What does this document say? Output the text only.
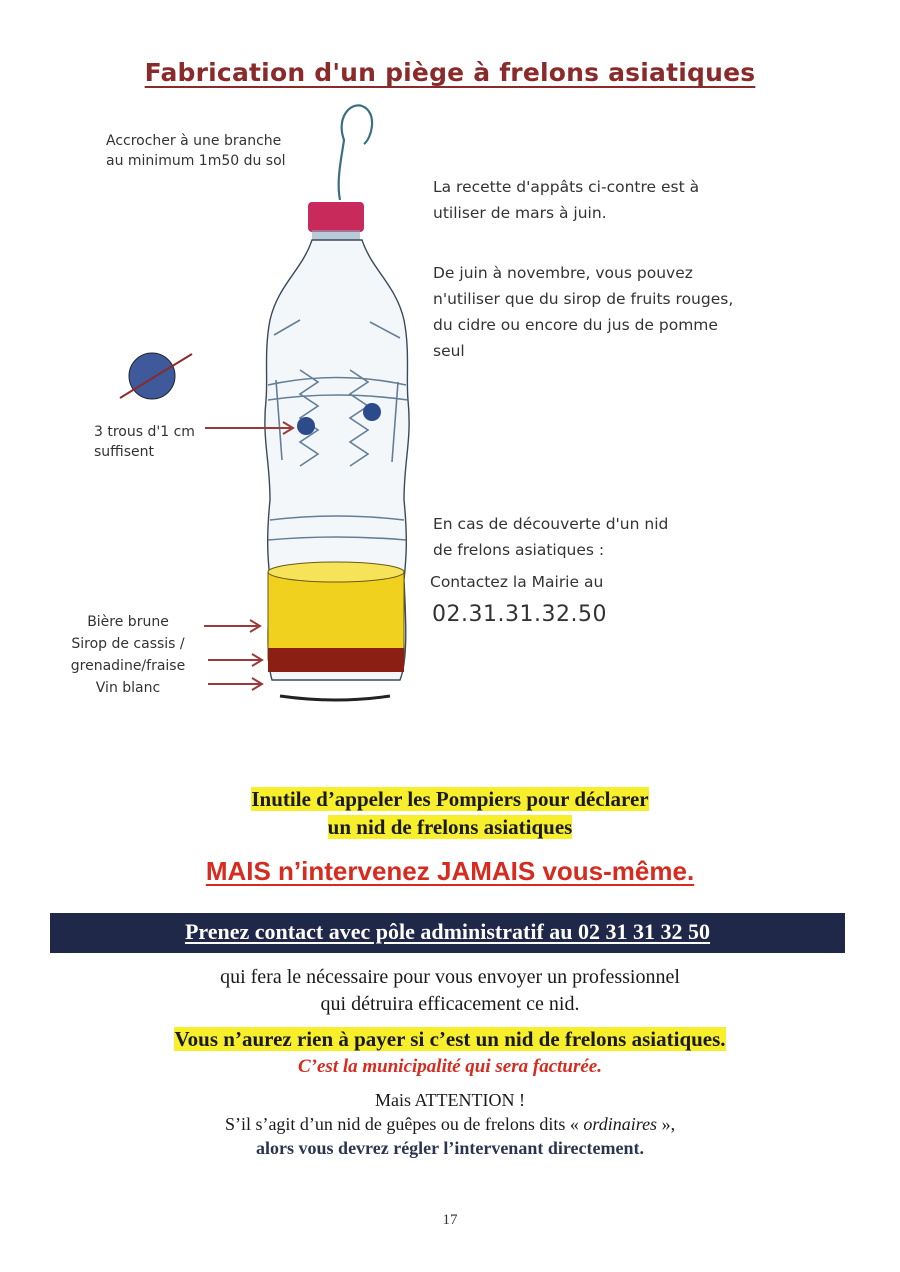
Fabrication d'un piège à frelons asiatiques
Accrocher à une branche
au minimum 1m50 du sol
3 trous d'1 cm
suffisent
Bière brune
Sirop de cassis /
grenadine/fraise
Vin blanc
La recette d'appâts ci-contre est à
utiliser de mars à juin.
De juin à novembre, vous pouvez
n'utiliser que du sirop de fruits rouges,
du cidre ou encore du jus de pomme
seul
En cas de découverte d'un nid
de frelons asiatiques :
Contactez la Mairie au
02.31.31.32.50
Inutile d’appeler les Pompiers pour déclarer
un nid de frelons asiatiques
MAIS n’intervenez JAMAIS vous-même.
Prenez contact avec pôle administratif au 02 31 31 32 50
qui fera le nécessaire pour vous envoyer un professionnel
qui détruira efficacement ce nid.
Vous n’aurez rien à payer si c’est un nid de frelons asiatiques.
C’est la municipalité qui sera facturée.
Mais ATTENTION !
S’il s’agit d’un nid de guêpes ou de frelons dits « ordinaires »,
alors vous devrez régler l’intervenant directement.
17
